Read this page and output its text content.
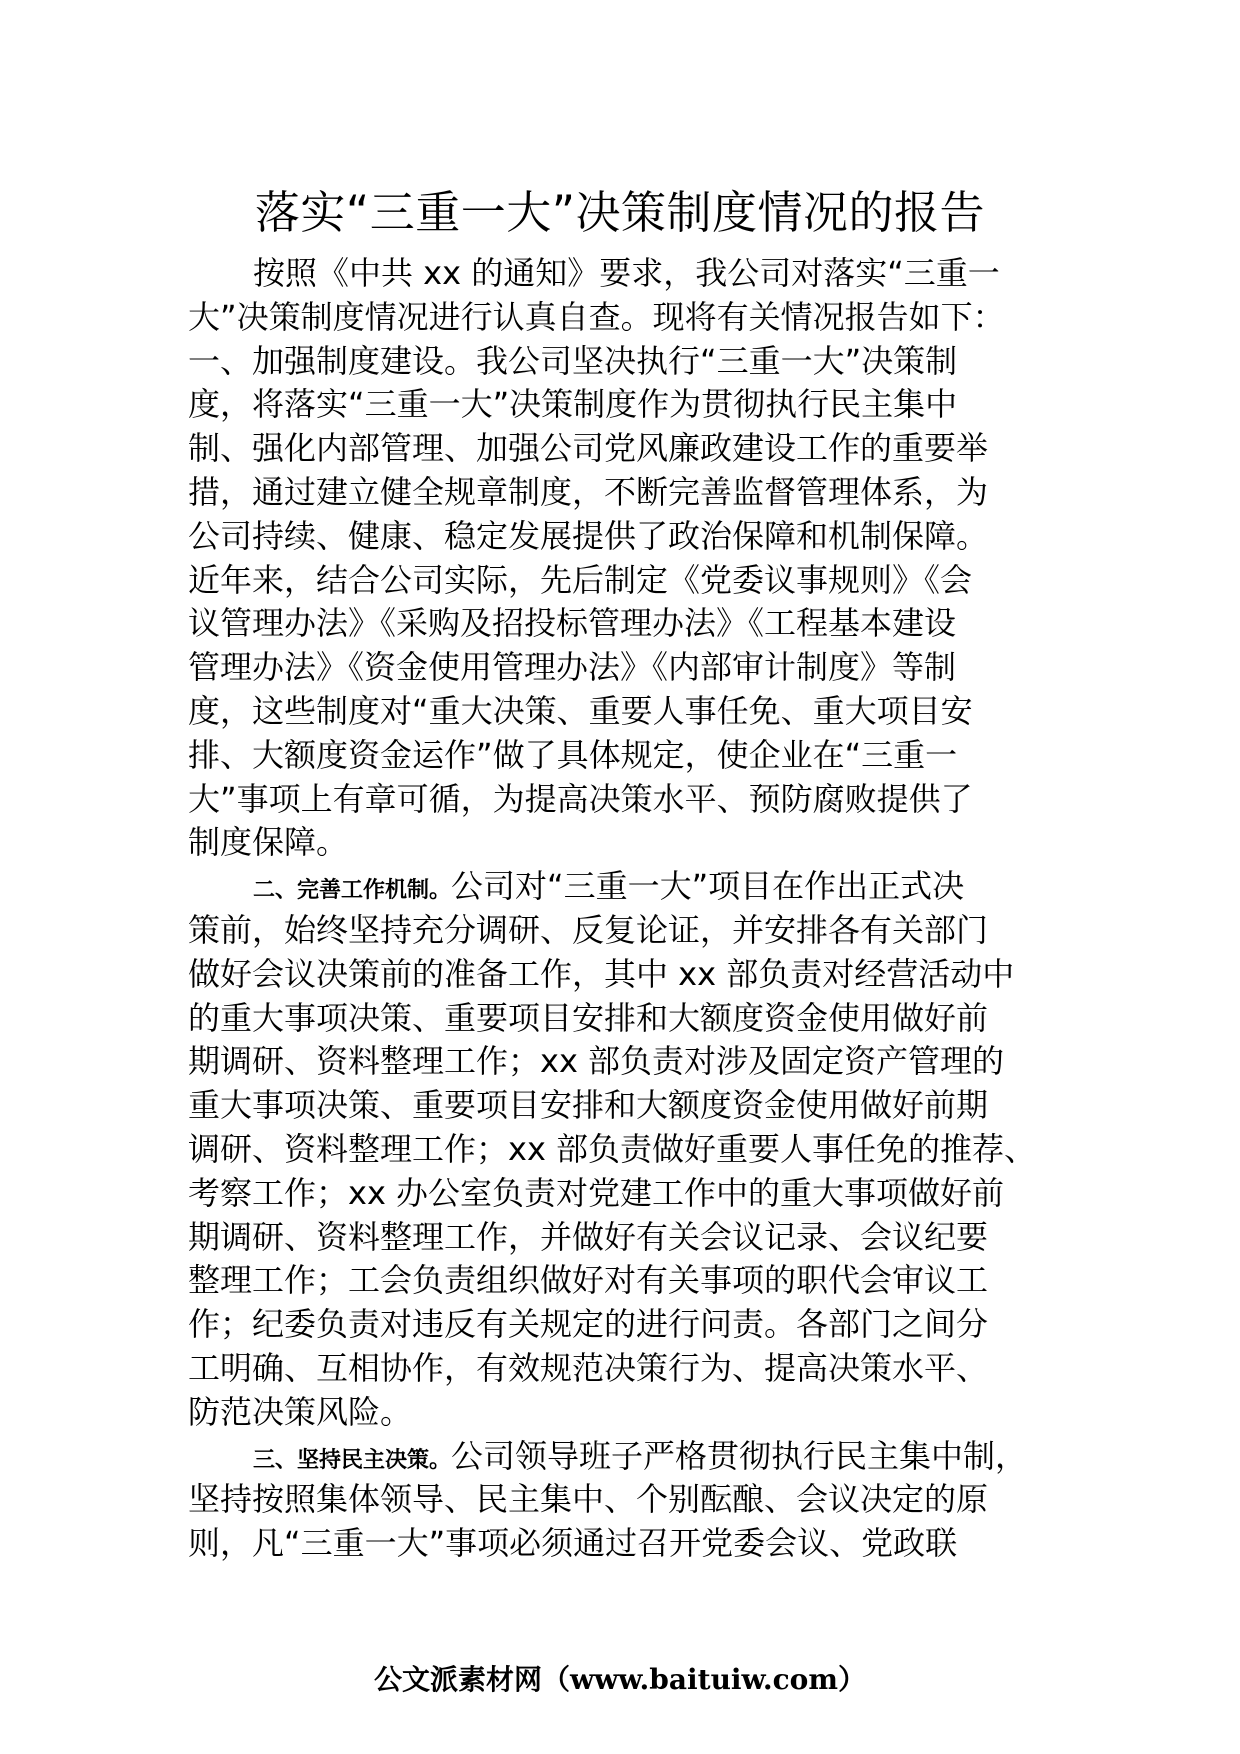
落实“三重一大”决策制度情况的报告
按照《中共 xx 的通知》要求，我公司对落实“三重一
大”决策制度情况进行认真自查。现将有关情况报告如下：
一、加强制度建设。我公司坚决执行“三重一大”决策制
度，将落实“三重一大”决策制度作为贯彻执行民主集中
制、强化内部管理、加强公司党风廉政建设工作的重要举
措，通过建立健全规章制度，不断完善监督管理体系，为
公司持续、健康、稳定发展提供了政治保障和机制保障。
近年来，结合公司实际，先后制定《党委议事规则》《会
议管理办法》《采购及招投标管理办法》《工程基本建设
管理办法》《资金使用管理办法》《内部审计制度》等制
度，这些制度对“重大决策、重要人事任免、重大项目安
排、大额度资金运作”做了具体规定，使企业在“三重一
大”事项上有章可循，为提高决策水平、预防腐败提供了
制度保障。
二、完善工作机制。公司对“三重一大”项目在作出正式决
策前，始终坚持充分调研、反复论证，并安排各有关部门
做好会议决策前的准备工作，其中 xx 部负责对经营活动中
的重大事项决策、重要项目安排和大额度资金使用做好前
期调研、资料整理工作；xx 部负责对涉及固定资产管理的
重大事项决策、重要项目安排和大额度资金使用做好前期
调研、资料整理工作；xx 部负责做好重要人事任免的推荐、
考察工作；xx 办公室负责对党建工作中的重大事项做好前
期调研、资料整理工作，并做好有关会议记录、会议纪要
整理工作；工会负责组织做好对有关事项的职代会审议工
作；纪委负责对违反有关规定的进行问责。各部门之间分
工明确、互相协作，有效规范决策行为、提高决策水平、
防范决策风险。
三、坚持民主决策。公司领导班子严格贯彻执行民主集中制，
坚持按照集体领导、民主集中、个别酝酿、会议决定的原
则，凡“三重一大”事项必须通过召开党委会议、党政联
公文派素材网（www.baituiw.com）
